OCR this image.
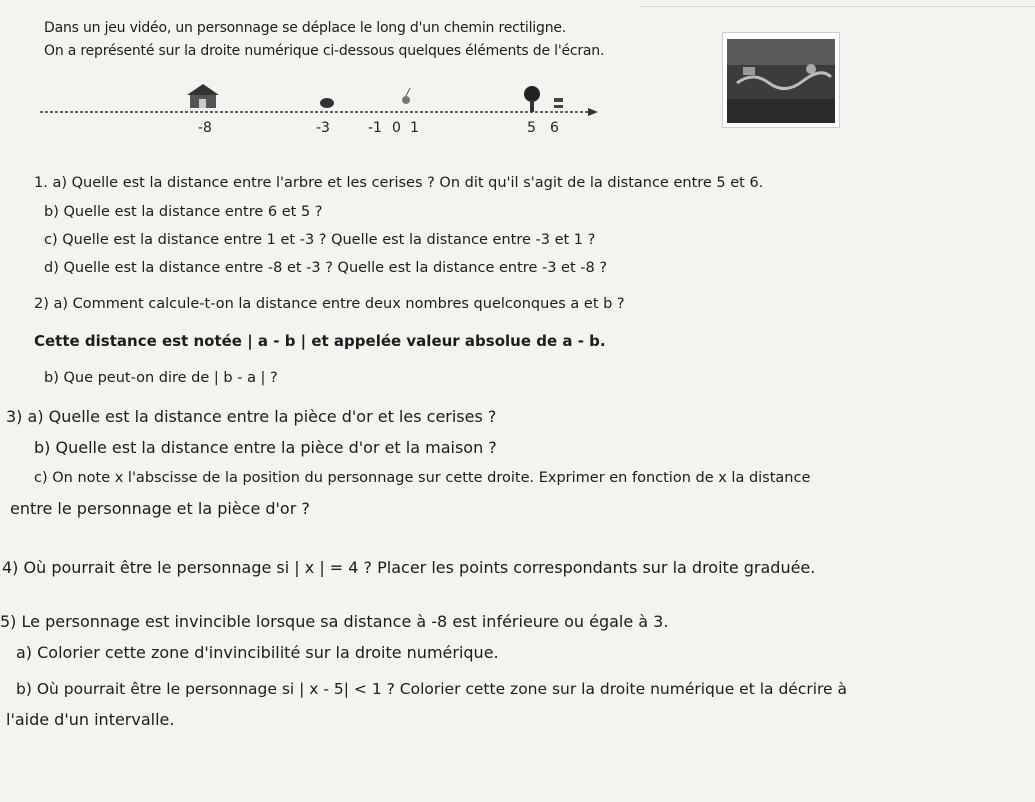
Dans un jeu vidéo, un personnage se déplace le long d'un chemin rectiligne.
On a représenté sur la droite numérique ci-dessous quelques éléments de l'écran.
-8	-3	-1 0 1	5 6
1. a) Quelle est la distance entre l'arbre et les cerises ? On dit qu'il s'agit de la distance entre 5 et 6.
b) Quelle est la distance entre 6 et 5 ?
c) Quelle est la distance entre 1 et -3 ? Quelle est la distance entre -3 et 1 ?
d) Quelle est la distance entre -8 et -3 ? Quelle est la distance entre -3 et -8 ?
2) a) Comment calcule-t-on la distance entre deux nombres quelconques a et b ?
Cette distance est notée | a - b | et appelée valeur absolue de a - b.
b) Que peut-on dire de | b - a | ?
3) a) Quelle est la distance entre la pièce d'or et les cerises ?
b) Quelle est la distance entre la pièce d'or et la maison ?
c) On note x l'abscisse de la position du personnage sur cette droite. Exprimer en fonction de x la distance
entre le personnage et la pièce d'or ?
4) Où pourrait être le personnage si | x | = 4 ? Placer les points correspondants sur la droite graduée.
5) Le personnage est invincible lorsque sa distance à -8 est inférieure ou égale à 3.
a) Colorier cette zone d'invincibilité sur la droite numérique.
b) Où pourrait être le personnage si | x - 5| < 1 ? Colorier cette zone sur la droite numérique et la décrire à
l'aide d'un intervalle.
